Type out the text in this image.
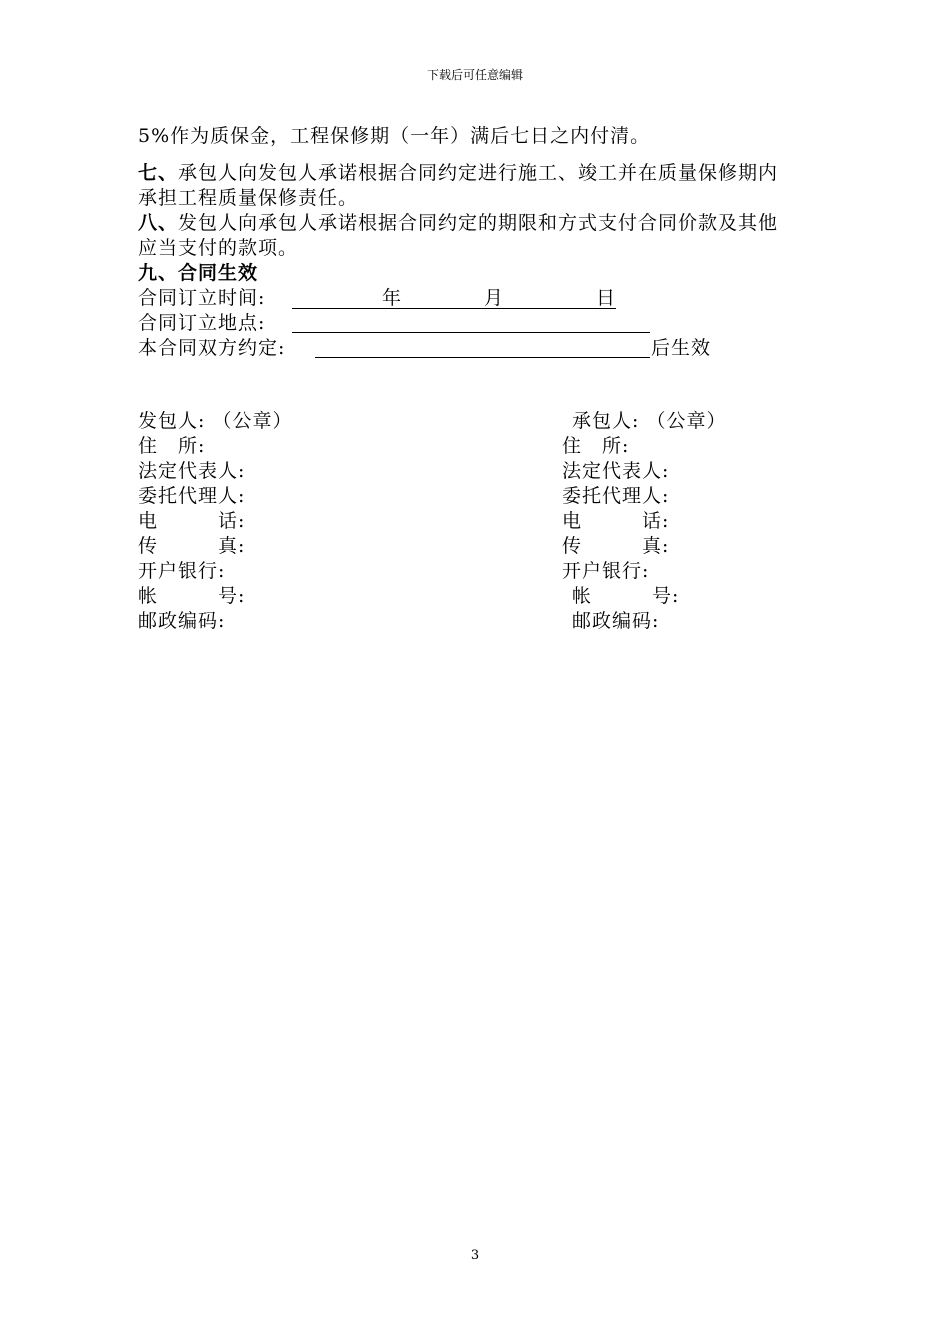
下载后可任意编辑
5%作为质保金，工程保修期（一年）满后七日之内付清。
七、承包人向发包人承诺根据合同约定进行施工、竣工并在质量保修期内
承担工程质量保修责任。
八、发包人向承包人承诺根据合同约定的期限和方式支付合同价款及其他
应当支付的款项。
九、合同生效
合同订立时间:	年	月	日
合同订立地点:
本合同双方约定:	后生效
发包人: （公章）
住　所:
法定代表人:
委托代理人:
电　　　话:
传　　　真:
开户银行:
帐　　　号:
邮政编码:
承包人: （公章）
住　所:
法定代表人:
委托代理人:
电　　　话:
传　　　真:
开户银行:
帐　　　号:
邮政编码:
3
